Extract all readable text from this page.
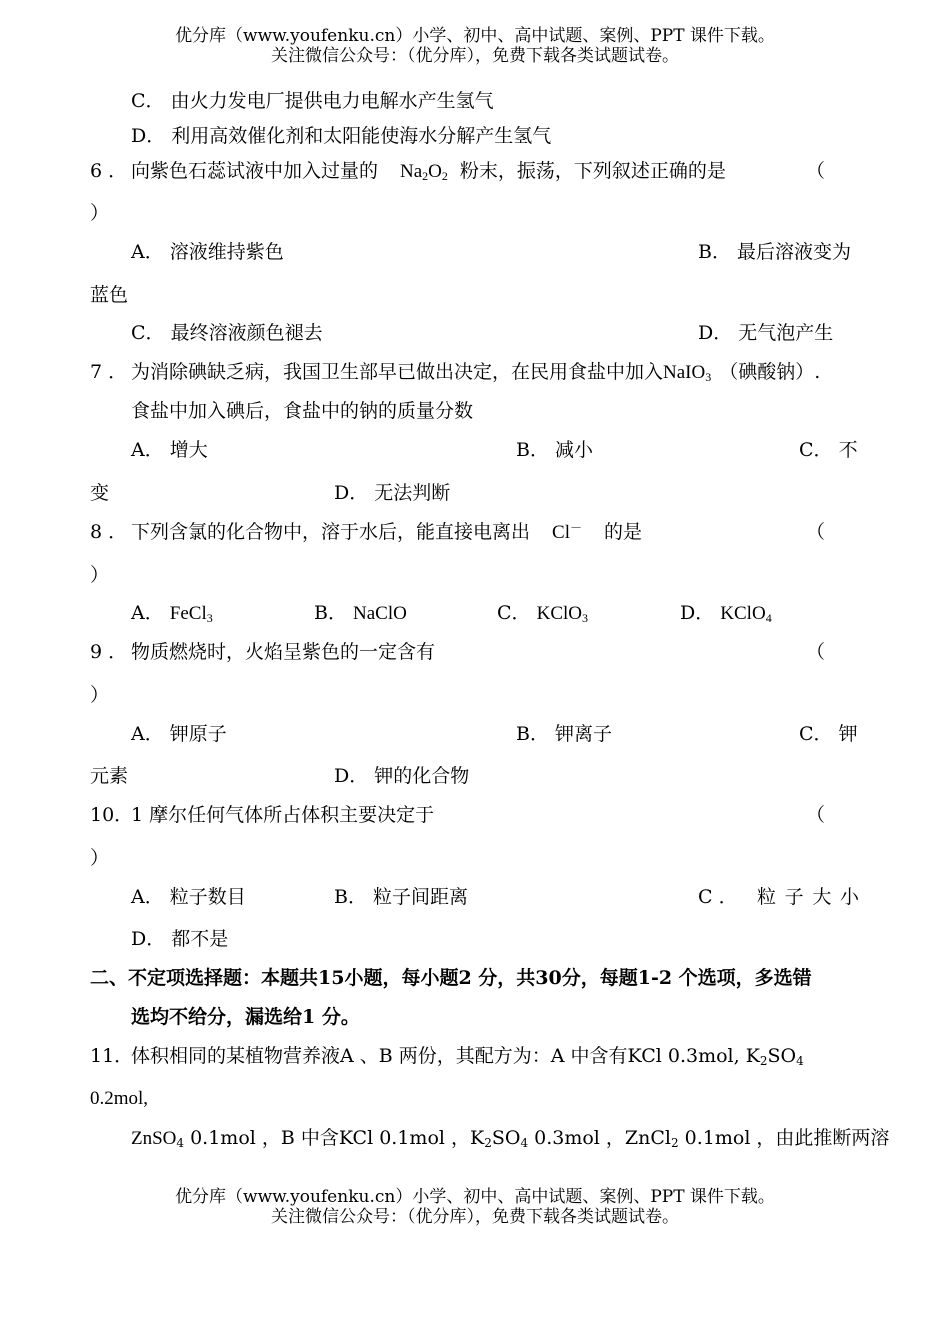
优分库（www.youfenku.cn）小学、初中、高中试题、案例、PPT 课件下载。
关注微信公众号：（优分库），免费下载各类试题试卷。
C． 由火力发电厂提供电力电解水产生氢气
D． 利用高效催化剂和太阳能使海水分解产生氢气
6 ． 向紫色石蕊试液中加入过量的 $Na_2O_2$ 粉末，振荡，下列叙述正确的是	（
）
A． 溶液维持紫色	B． 最后溶液变为
蓝色
C． 最终溶液颜色褪去	D． 无气泡产生
7 ． 为消除碘缺乏病，我国卫生部早已做出决定，在民用食盐中加入NaIO$_3$ （碘酸钠）.
食盐中加入碘后，食盐中的钠的质量分数
A． 增大	B． 减小	C． 不
变	D． 无法判断
8 ． 下列含氯的化合物中，溶于水后，能直接电离出 Cl－ 的是	（
）
A． FeCl$_3$	B． NaClO	C． KClO$_3$	D． KClO$_4$
9 ． 物质燃烧时，火焰呈紫色的一定含有	（
）
A． 钾原子	B． 钾离子	C． 钾
元素	D． 钾的化合物
10．
1 摩尔任何气体所占体积主要决定于	（
）
A． 粒子数目	B． 粒子间距离	C ． 粒 子 大 小
D． 都不是
二、不定项选择题：本题共15小题，每小题2 分，共30分，每题1-2 个选项，多选错
选均不给分，漏选给1 分。
11．
体积相同的某植物营养液A 、B 两份，其配方为：A 中含有KCl 0.3mol, $K_2SO_4$
0.2mol,
ZnSO$_4$ 0.1mol ，B 中含KCl 0.1mol ，$K_2SO_4$ 0.3mol ，ZnCl$_2$ 0.1mol ，由此推断两溶
优分库（www.youfenku.cn）小学、初中、高中试题、案例、PPT 课件下载。
关注微信公众号：（优分库），免费下载各类试题试卷。
